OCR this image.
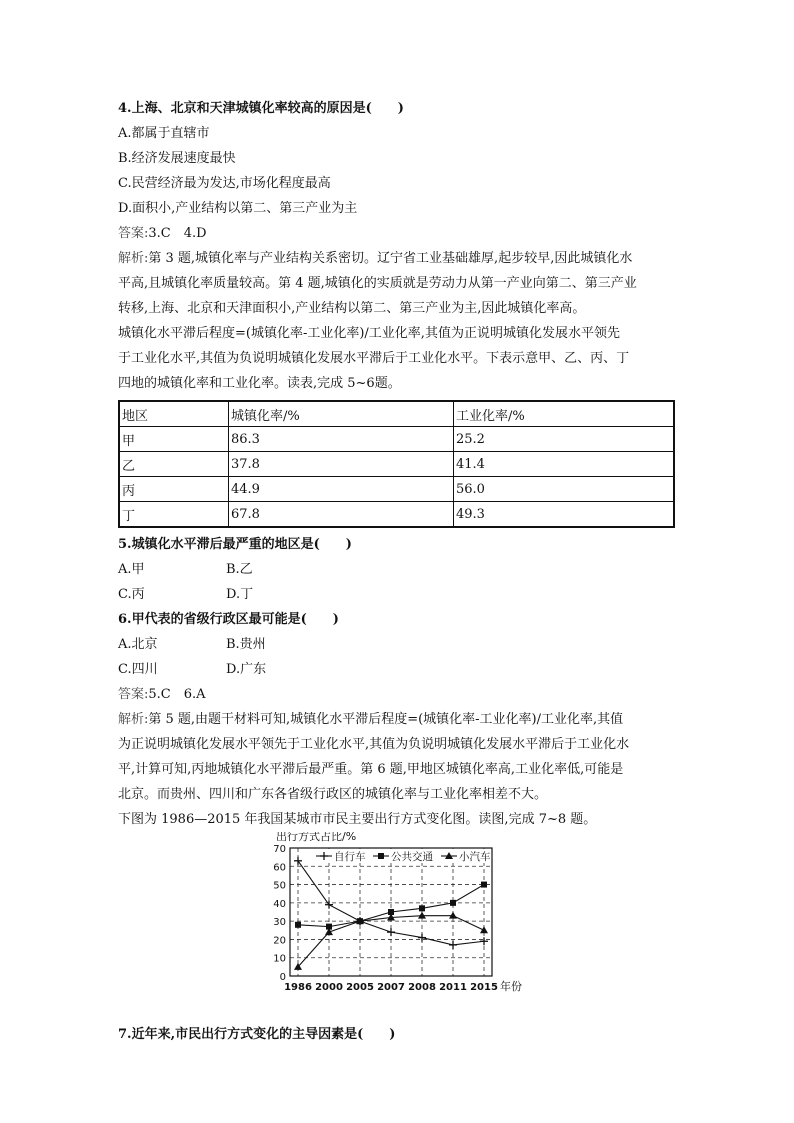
4.上海、北京和天津城镇化率较高的原因是(　　)
A.都属于直辖市
B.经济发展速度最快
C.民营经济最为发达,市场化程度最高
D.面积小,产业结构以第二、第三产业为主
答案:3.C　4.D
解析:第 3 题,城镇化率与产业结构关系密切。辽宁省工业基础雄厚,起步较早,因此城镇化水
平高,且城镇化率质量较高。第 4 题,城镇化的实质就是劳动力从第一产业向第二、第三产业
转移,上海、北京和天津面积小,产业结构以第二、第三产业为主,因此城镇化率高。
城镇化水平滞后程度=(城镇化率-工业化率)/工业化率,其值为正说明城镇化发展水平领先
于工业化水平,其值为负说明城镇化发展水平滞后于工业化水平。下表示意甲、乙、丙、丁
四地的城镇化率和工业化率。读表,完成 5~6题。
地区	城镇化率/%	工业化率/%
甲	86.3	25.2
乙	37.8	41.4
丙	44.9	56.0
丁	67.8	49.3
5.城镇化水平滞后最严重的地区是(　　)
A.甲	B.乙
C.丙	D.丁
6.甲代表的省级行政区最可能是(　　)
A.北京	B.贵州
C.四川	D.广东
答案:5.C　6.A
解析:第 5 题,由题干材料可知,城镇化水平滞后程度=(城镇化率-工业化率)/工业化率,其值
为正说明城镇化发展水平领先于工业化水平,其值为负说明城镇化发展水平滞后于工业化水
平,计算可知,丙地城镇化水平滞后最严重。第 6 题,甲地区城镇化率高,工业化率低,可能是
北京。而贵州、四川和广东各省级行政区的城镇化率与工业化率相差不大。
下图为 1986—2015 年我国某城市市民主要出行方式变化图。读图,完成 7~8 题。
出行方式占比/%
0
10
20
30
40
50
60
70
1986 2000 2005 2007 2008 2011 2015 年份
自行车 公共交通 小汽车
7.近年来,市民出行方式变化的主导因素是(　　)
